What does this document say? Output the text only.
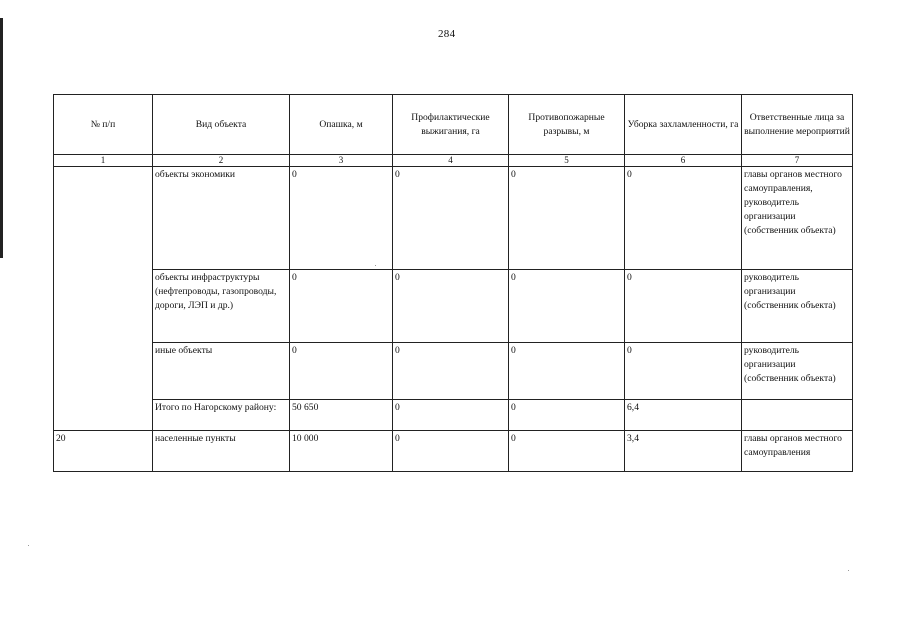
284
№ п/п	Вид объекта	Опашка, м	Профилактические выжигания, га	Противопожарные разрывы, м	Уборка захламленности, га	Ответственные лица за выполнение мероприятий
1	2	3	4	5	6	7
	объекты экономики	0	0	0	0	главы органов местного самоуправления, руководитель организации (собственник объекта)
	объекты инфраструктуры (нефтепроводы, газопроводы, дороги, ЛЭП и др.)	0	0	0	0	руководитель организации (собственник объекта)
	иные объекты	0	0	0	0	руководитель организации (собственник объекта)
	Итого по Нагорскому району:	50 650	0	0	6,4	
20	населенные пункты	10 000	0	0	3,4	главы органов местного самоуправления
